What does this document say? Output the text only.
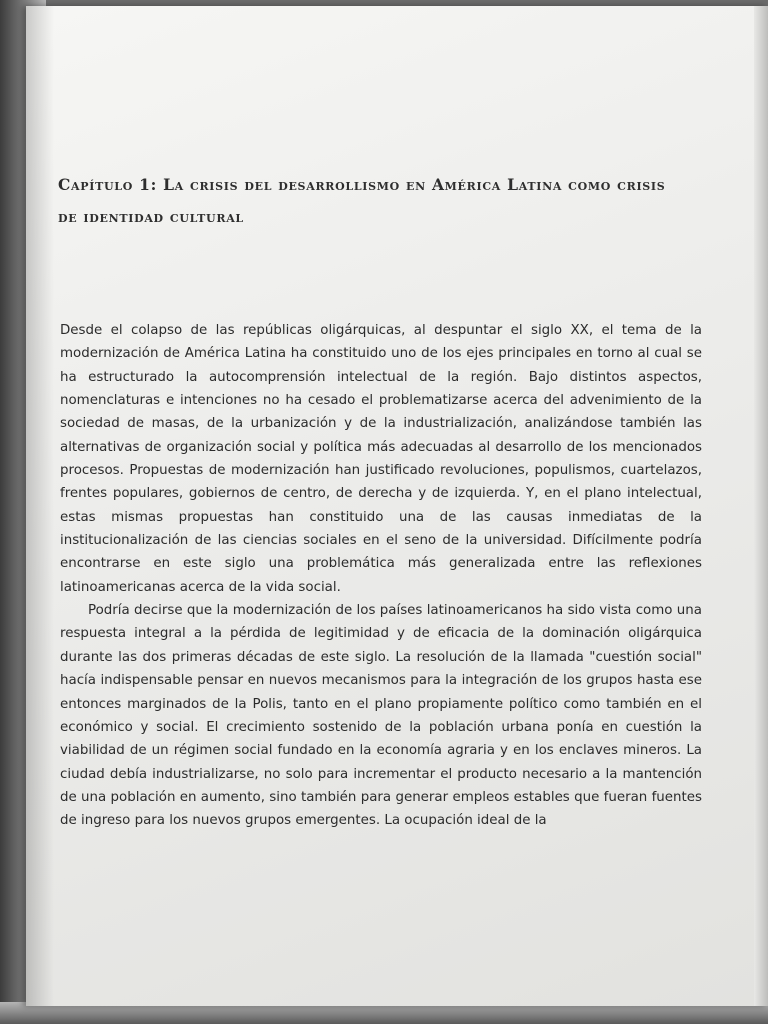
Capítulo 1: La crisis del desarrollismo en América Latina como crisis de identidad cultural

Desde el colapso de las repúblicas oligárquicas, al despuntar el siglo XX, el tema de la modernización de América Latina ha constituido uno de los ejes principales en torno al cual se ha estructurado la autocomprensión intelectual de la región. Bajo distintos aspectos, nomenclaturas e intenciones no ha cesado el problematizarse acerca del advenimiento de la sociedad de masas, de la urbanización y de la industrialización, analizándose también las alternativas de organización social y política más adecuadas al desarrollo de los mencionados procesos. Propuestas de modernización han justificado revoluciones, populismos, cuartelazos, frentes populares, gobiernos de centro, de derecha y de izquierda. Y, en el plano intelectual, estas mismas propuestas han constituido una de las causas inmediatas de la institucionalización de las ciencias sociales en el seno de la universidad. Difícilmente podría encontrarse en este siglo una problemática más generalizada entre las reflexiones latinoamericanas acerca de la vida social.

Podría decirse que la modernización de los países latinoamericanos ha sido vista como una respuesta integral a la pérdida de legitimidad y de eficacia de la dominación oligárquica durante las dos primeras décadas de este siglo. La resolución de la llamada "cuestión social" hacía indispensable pensar en nuevos mecanismos para la integración de los grupos hasta ese entonces marginados de la Polis, tanto en el plano propiamente político como también en el económico y social. El crecimiento sostenido de la población urbana ponía en cuestión la viabilidad de un régimen social fundado en la economía agraria y en los enclaves mineros. La ciudad debía industrializarse, no solo para incrementar el producto necesario a la mantención de una población en aumento, sino también para generar empleos estables que fueran fuentes de ingreso para los nuevos grupos emergentes. La ocupación ideal de la
